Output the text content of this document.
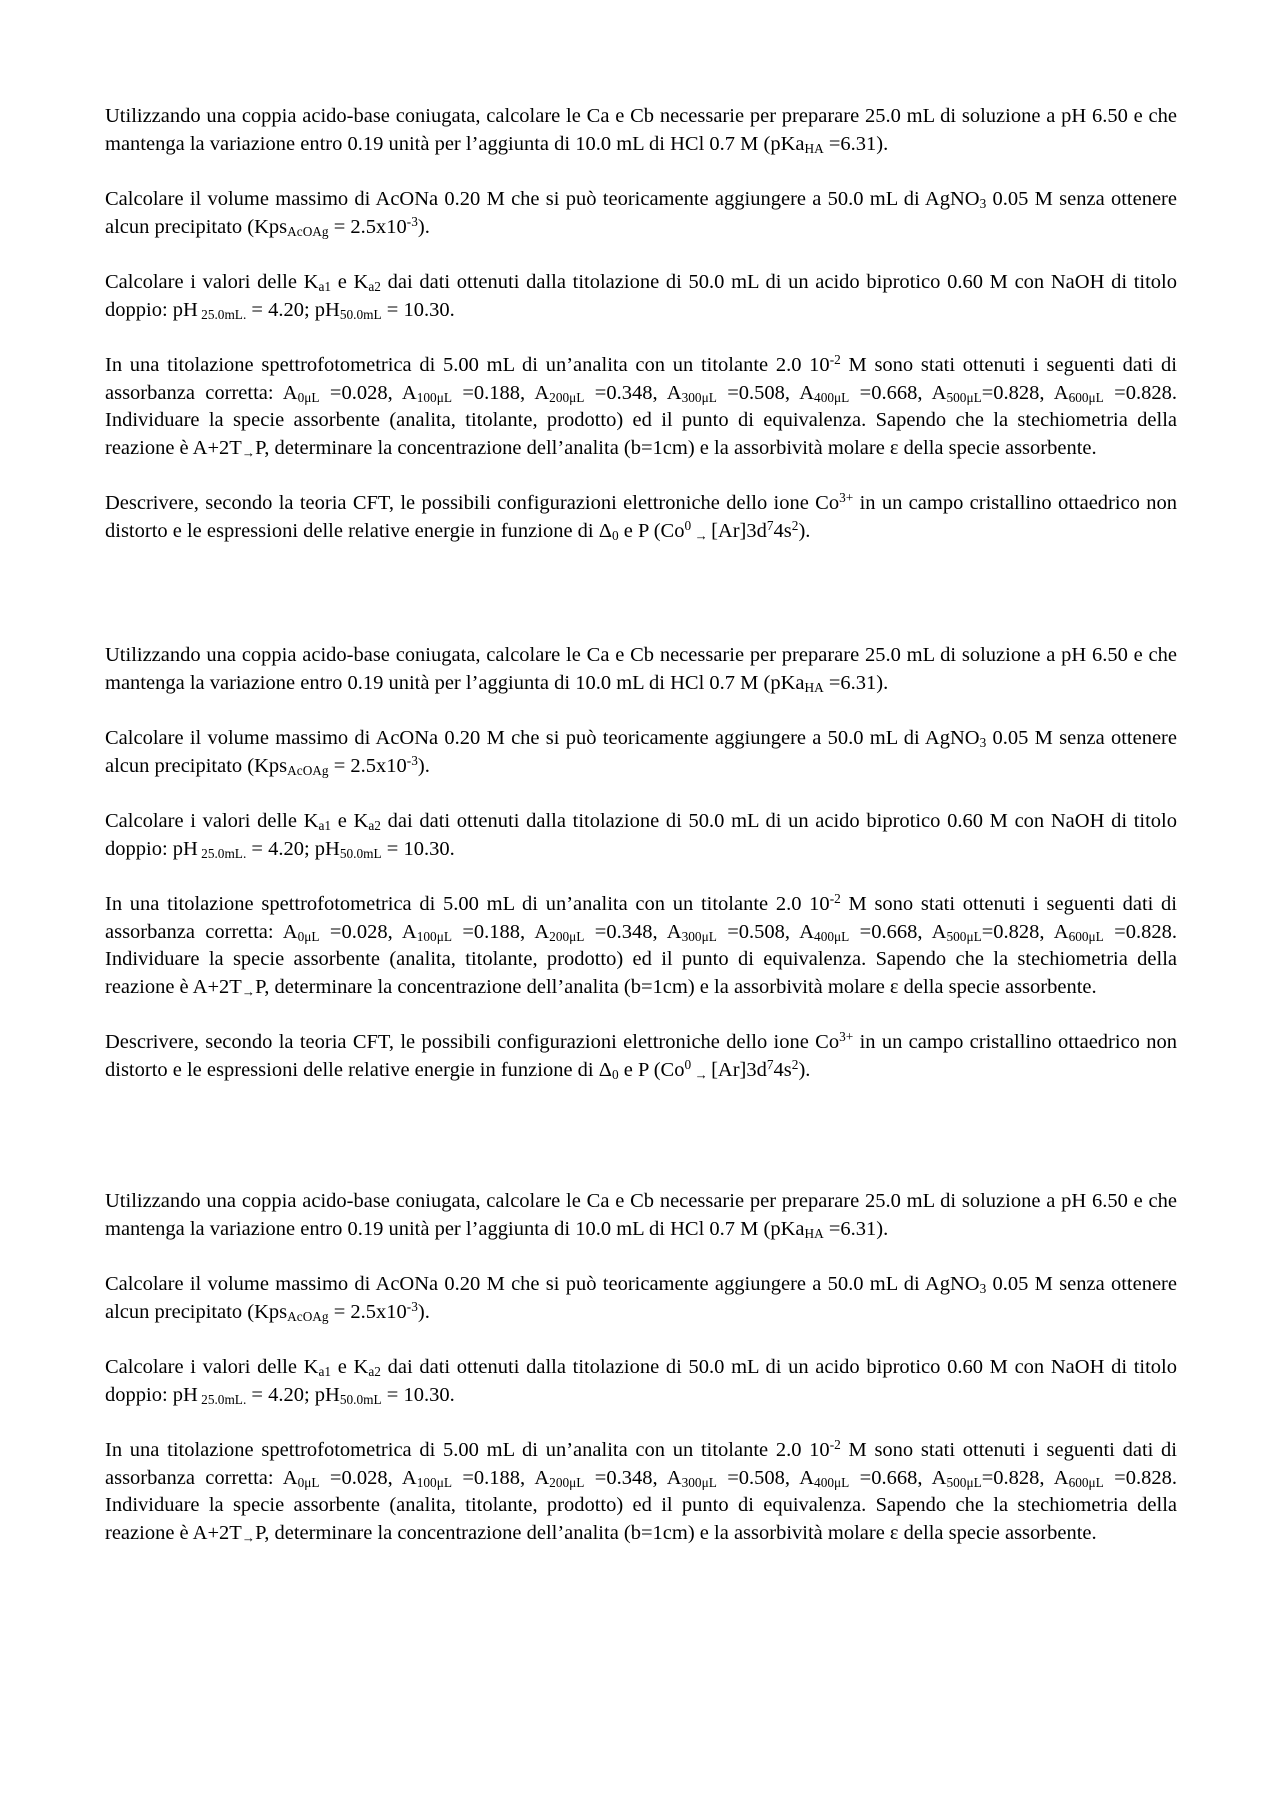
Utilizzando una coppia acido-base coniugata, calcolare le Ca e Cb necessarie per preparare 25.0 mL di soluzione a pH 6.50 e che mantenga la variazione entro 0.19 unità per l’aggiunta di 10.0 mL di HCl 0.7 M (pKa$_{HA}$ =6.31).

Calcolare il volume massimo di AcONa 0.20 M che si può teoricamente aggiungere a 50.0 mL di AgNO$_3$ 0.05 M senza ottenere alcun precipitato $(Kps_{AcOAg} = 2.5x10^{-3})$.

Calcolare i valori delle $K_{a1}$ e $K_{a2}$ dai dati ottenuti dalla titolazione di 50.0 mL di un acido biprotico 0.60 M con NaOH di titolo doppio: pH $_{25.0mL.}$ = 4.20; $pH_{50.0mL} = 10.30$.

In una titolazione spettrofotometrica di 5.00 mL di un’analita con un titolante 2.0 $10^{-2}$ M sono stati ottenuti i seguenti dati di assorbanza corretta: $A_{0\mu L} =0.028$, $A_{100\mu L} =0.188$, $A_{200\mu L} =0.348$, $A_{300\mu L} =0.508$, $A_{400\mu L} =0.668$, $A_{500\mu L}=0.828$, $A_{600\mu L} =0.828$. Individuare la specie assorbente (analita, titolante, prodotto) ed il punto di equivalenza. Sapendo che la stechiometria della reazione è $A+2T_\to P$, determinare la concentrazione dell’analita (b=1cm) e la assorbività molare ε della specie assorbente.

Descrivere, secondo la teoria CFT, le possibili configurazioni elettroniche dello ione $Co^{3+}$ in un campo cristallino ottaedrico non distorto e le espressioni delle relative energie in funzione di $\Delta_0$ e P (Co$^0$ $_\to$ $[Ar]3d^74s^2$).

Utilizzando una coppia acido-base coniugata, calcolare le Ca e Cb necessarie per preparare 25.0 mL di soluzione a pH 6.50 e che mantenga la variazione entro 0.19 unità per l’aggiunta di 10.0 mL di HCl 0.7 M (pKa$_{HA}$ =6.31).

Calcolare il volume massimo di AcONa 0.20 M che si può teoricamente aggiungere a 50.0 mL di AgNO$_3$ 0.05 M senza ottenere alcun precipitato $(Kps_{AcOAg} = 2.5x10^{-3})$.

Calcolare i valori delle $K_{a1}$ e $K_{a2}$ dai dati ottenuti dalla titolazione di 50.0 mL di un acido biprotico 0.60 M con NaOH di titolo doppio: pH $_{25.0mL.}$ = 4.20; $pH_{50.0mL} = 10.30$.

In una titolazione spettrofotometrica di 5.00 mL di un’analita con un titolante 2.0 $10^{-2}$ M sono stati ottenuti i seguenti dati di assorbanza corretta: $A_{0\mu L} =0.028$, $A_{100\mu L} =0.188$, $A_{200\mu L} =0.348$, $A_{300\mu L} =0.508$, $A_{400\mu L} =0.668$, $A_{500\mu L}=0.828$, $A_{600\mu L} =0.828$. Individuare la specie assorbente (analita, titolante, prodotto) ed il punto di equivalenza. Sapendo che la stechiometria della reazione è $A+2T_\to P$, determinare la concentrazione dell’analita (b=1cm) e la assorbività molare ε della specie assorbente.

Descrivere, secondo la teoria CFT, le possibili configurazioni elettroniche dello ione $Co^{3+}$ in un campo cristallino ottaedrico non distorto e le espressioni delle relative energie in funzione di $\Delta_0$ e P (Co$^0$ $_\to$ $[Ar]3d^74s^2$).

Utilizzando una coppia acido-base coniugata, calcolare le Ca e Cb necessarie per preparare 25.0 mL di soluzione a pH 6.50 e che mantenga la variazione entro 0.19 unità per l’aggiunta di 10.0 mL di HCl 0.7 M (pKa$_{HA}$ =6.31).

Calcolare il volume massimo di AcONa 0.20 M che si può teoricamente aggiungere a 50.0 mL di AgNO$_3$ 0.05 M senza ottenere alcun precipitato $(Kps_{AcOAg} = 2.5x10^{-3})$.

Calcolare i valori delle $K_{a1}$ e $K_{a2}$ dai dati ottenuti dalla titolazione di 50.0 mL di un acido biprotico 0.60 M con NaOH di titolo doppio: pH $_{25.0mL.}$ = 4.20; $pH_{50.0mL} = 10.30$.

In una titolazione spettrofotometrica di 5.00 mL di un’analita con un titolante 2.0 $10^{-2}$ M sono stati ottenuti i seguenti dati di assorbanza corretta: $A_{0\mu L} =0.028$, $A_{100\mu L} =0.188$, $A_{200\mu L} =0.348$, $A_{300\mu L} =0.508$, $A_{400\mu L} =0.668$, $A_{500\mu L}=0.828$, $A_{600\mu L} =0.828$. Individuare la specie assorbente (analita, titolante, prodotto) ed il punto di equivalenza. Sapendo che la stechiometria della reazione è $A+2T_\to P$, determinare la concentrazione dell’analita (b=1cm) e la assorbività molare ε della specie assorbente.
